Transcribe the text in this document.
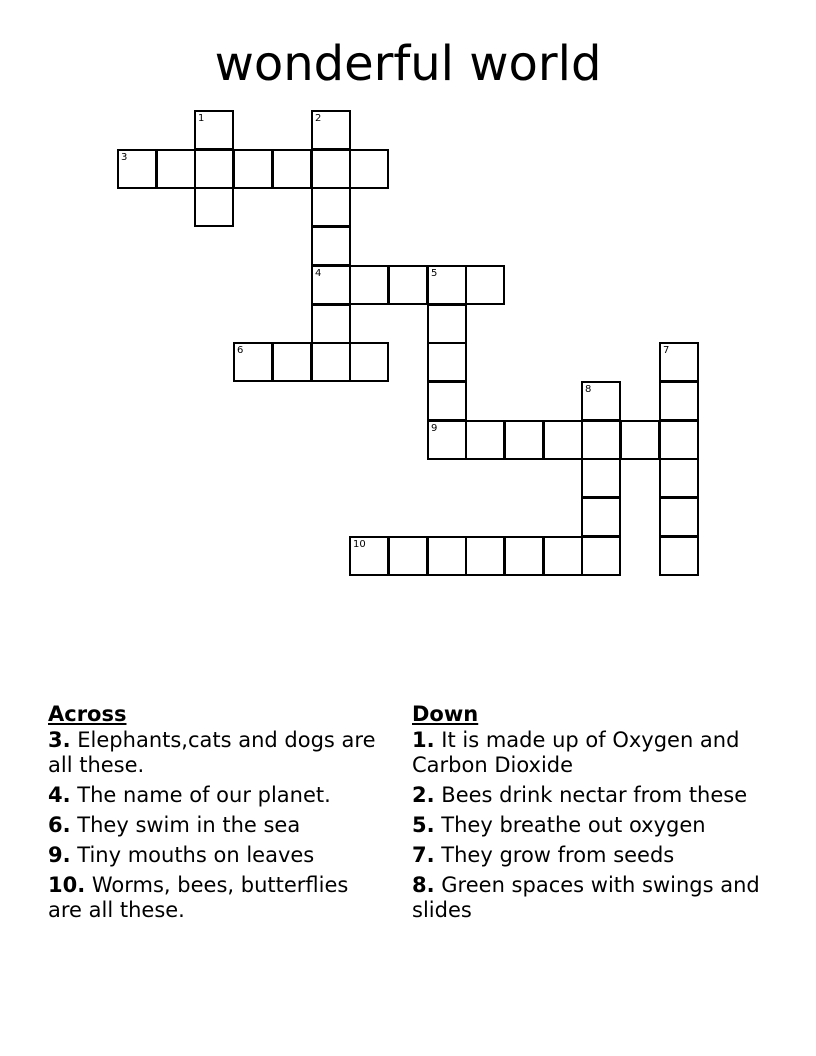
wonderful world
3
4	5
6
9
10
1	2
7
8
Across
3. Elephants,cats and dogs are all these.
4. The name of our planet.
6. They swim in the sea
9. Tiny mouths on leaves
10. Worms, bees, butterflies are all these.
Down
1. It is made up of Oxygen and Carbon Dioxide
2. Bees drink nectar from these
5. They breathe out oxygen
7. They grow from seeds
8. Green spaces with swings and slides
